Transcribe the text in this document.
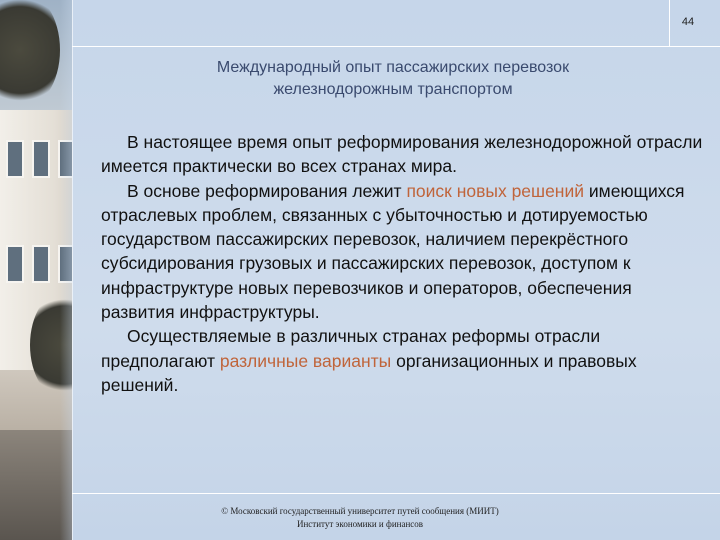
44
Международный опыт пассажирских перевозок
железнодорожным транспортом

В настоящее время опыт реформирования железнодорожной отрасли имеется практически во всех странах мира.

В основе реформирования лежит поиск новых решений имеющихся отраслевых проблем, связанных с убыточностью и дотируемостью государством пассажирских перевозок, наличием перекрёстного субсидирования грузовых и пассажирских перевозок, доступом к инфраструктуре новых перевозчиков и операторов, обеспечения развития инфраструктуры.

Осуществляемые в различных странах реформы отрасли предполагают различные варианты организационных и правовых решений.

© Московский государственный университет путей сообщения (МИИТ)
Институт экономики и финансов
